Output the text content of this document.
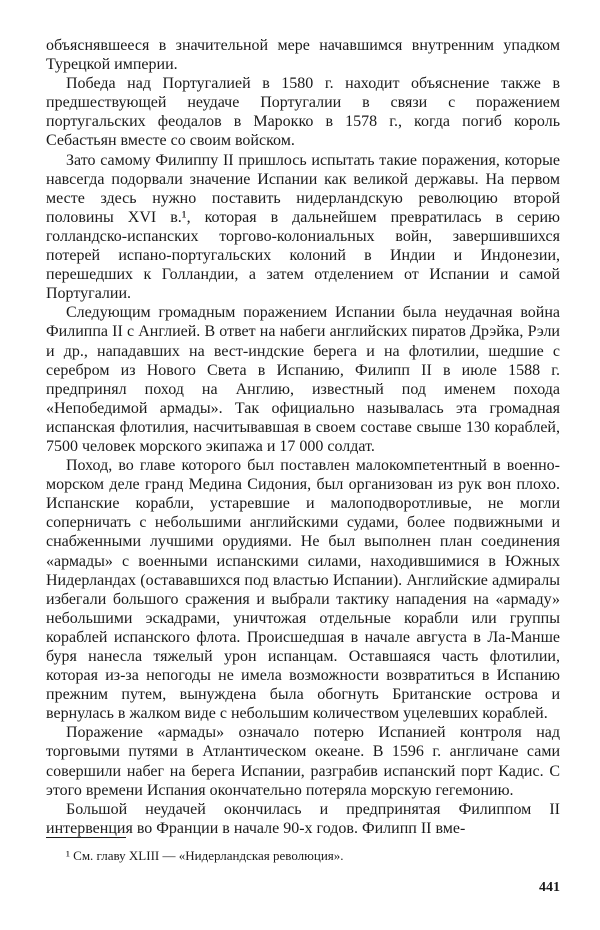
объяснявшееся в значительной мере начавшимся внутренним упадком Турецкой империи.

Победа над Португалией в 1580 г. находит объяснение также в предшествующей неудаче Португалии в связи с поражением португальских феодалов в Марокко в 1578 г., когда погиб король Себастьян вместе со своим войском.

Зато самому Филиппу II пришлось испытать такие поражения, которые навсегда подорвали значение Испании как великой державы. На первом месте здесь нужно поставить нидерландскую революцию второй половины XVI в.¹, которая в дальнейшем превратилась в серию голландско-испанских торгово-колониальных войн, завершившихся потерей испано-португальских колоний в Индии и Индонезии, перешедших к Голландии, а затем отделением от Испании и самой Португалии.

Следующим громадным поражением Испании была неудачная война Филиппа II с Англией. В ответ на набеги английских пиратов Дрэйка, Рэли и др., нападавших на вест-индские берега и на флотилии, шедшие с серебром из Нового Света в Испанию, Филипп II в июле 1588 г. предпринял поход на Англию, известный под именем похода «Непобедимой армады». Так официально называлась эта громадная испанская флотилия, насчитывавшая в своем составе свыше 130 кораблей, 7500 человек морского экипажа и 17 000 солдат.

Поход, во главе которого был поставлен малокомпетентный в военно-морском деле гранд Медина Сидония, был организован из рук вон плохо. Испанские корабли, устаревшие и малоподворотливые, не могли соперничать с небольшими английскими судами, более подвижными и снабженными лучшими орудиями. Не был выполнен план соединения «армады» с военными испанскими силами, находившимися в Южных Нидерландах (остававшихся под властью Испании). Английские адмиралы избегали большого сражения и выбрали тактику нападения на «армаду» небольшими эскадрами, уничтожая отдельные корабли или группы кораблей испанского флота. Происшедшая в начале августа в Ла-Манше буря нанесла тяжелый урон испанцам. Оставшаяся часть флотилии, которая из-за непогоды не имела возможности возвратиться в Испанию прежним путем, вынуждена была обогнуть Британские острова и вернулась в жалком виде с небольшим количеством уцелевших кораблей.

Поражение «армады» означало потерю Испанией контроля над торговыми путями в Атлантическом океане. В 1596 г. англичане сами совершили набег на берега Испании, разграбив испанский порт Кадис. С этого времени Испания окончательно потеряла морскую гегемонию.

Большой неудачей окончилась и предпринятая Филиппом II интервенция во Франции в начале 90-х годов. Филипп II вме-

¹ См. главу XLIII — «Нидерландская революция».

441
